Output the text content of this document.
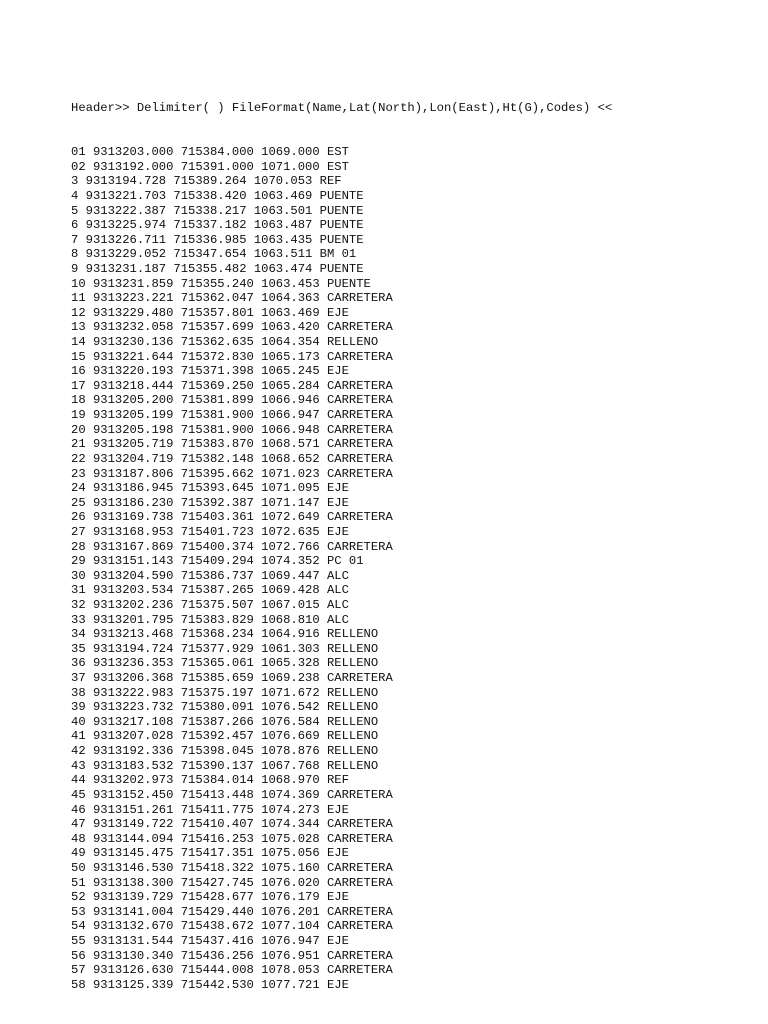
Header>> Delimiter( ) FileFormat(Name,Lat(North),Lon(East),Ht(G),Codes) <<

01 9313203.000 715384.000 1069.000 EST
02 9313192.000 715391.000 1071.000 EST
3 9313194.728 715389.264 1070.053 REF
4 9313221.703 715338.420 1063.469 PUENTE
5 9313222.387 715338.217 1063.501 PUENTE
6 9313225.974 715337.182 1063.487 PUENTE
7 9313226.711 715336.985 1063.435 PUENTE
8 9313229.052 715347.654 1063.511 BM 01
9 9313231.187 715355.482 1063.474 PUENTE
10 9313231.859 715355.240 1063.453 PUENTE
11 9313223.221 715362.047 1064.363 CARRETERA
12 9313229.480 715357.801 1063.469 EJE
13 9313232.058 715357.699 1063.420 CARRETERA
14 9313230.136 715362.635 1064.354 RELLENO
15 9313221.644 715372.830 1065.173 CARRETERA
16 9313220.193 715371.398 1065.245 EJE
17 9313218.444 715369.250 1065.284 CARRETERA
18 9313205.200 715381.899 1066.946 CARRETERA
19 9313205.199 715381.900 1066.947 CARRETERA
20 9313205.198 715381.900 1066.948 CARRETERA
21 9313205.719 715383.870 1068.571 CARRETERA
22 9313204.719 715382.148 1068.652 CARRETERA
23 9313187.806 715395.662 1071.023 CARRETERA
24 9313186.945 715393.645 1071.095 EJE
25 9313186.230 715392.387 1071.147 EJE
26 9313169.738 715403.361 1072.649 CARRETERA
27 9313168.953 715401.723 1072.635 EJE
28 9313167.869 715400.374 1072.766 CARRETERA
29 9313151.143 715409.294 1074.352 PC 01
30 9313204.590 715386.737 1069.447 ALC
31 9313203.534 715387.265 1069.428 ALC
32 9313202.236 715375.507 1067.015 ALC
33 9313201.795 715383.829 1068.810 ALC
34 9313213.468 715368.234 1064.916 RELLENO
35 9313194.724 715377.929 1061.303 RELLENO
36 9313236.353 715365.061 1065.328 RELLENO
37 9313206.368 715385.659 1069.238 CARRETERA
38 9313222.983 715375.197 1071.672 RELLENO
39 9313223.732 715380.091 1076.542 RELLENO
40 9313217.108 715387.266 1076.584 RELLENO
41 9313207.028 715392.457 1076.669 RELLENO
42 9313192.336 715398.045 1078.876 RELLENO
43 9313183.532 715390.137 1067.768 RELLENO
44 9313202.973 715384.014 1068.970 REF
45 9313152.450 715413.448 1074.369 CARRETERA
46 9313151.261 715411.775 1074.273 EJE
47 9313149.722 715410.407 1074.344 CARRETERA
48 9313144.094 715416.253 1075.028 CARRETERA
49 9313145.475 715417.351 1075.056 EJE
50 9313146.530 715418.322 1075.160 CARRETERA
51 9313138.300 715427.745 1076.020 CARRETERA
52 9313139.729 715428.677 1076.179 EJE
53 9313141.004 715429.440 1076.201 CARRETERA
54 9313132.670 715438.672 1077.104 CARRETERA
55 9313131.544 715437.416 1076.947 EJE
56 9313130.340 715436.256 1076.951 CARRETERA
57 9313126.630 715444.008 1078.053 CARRETERA
58 9313125.339 715442.530 1077.721 EJE
